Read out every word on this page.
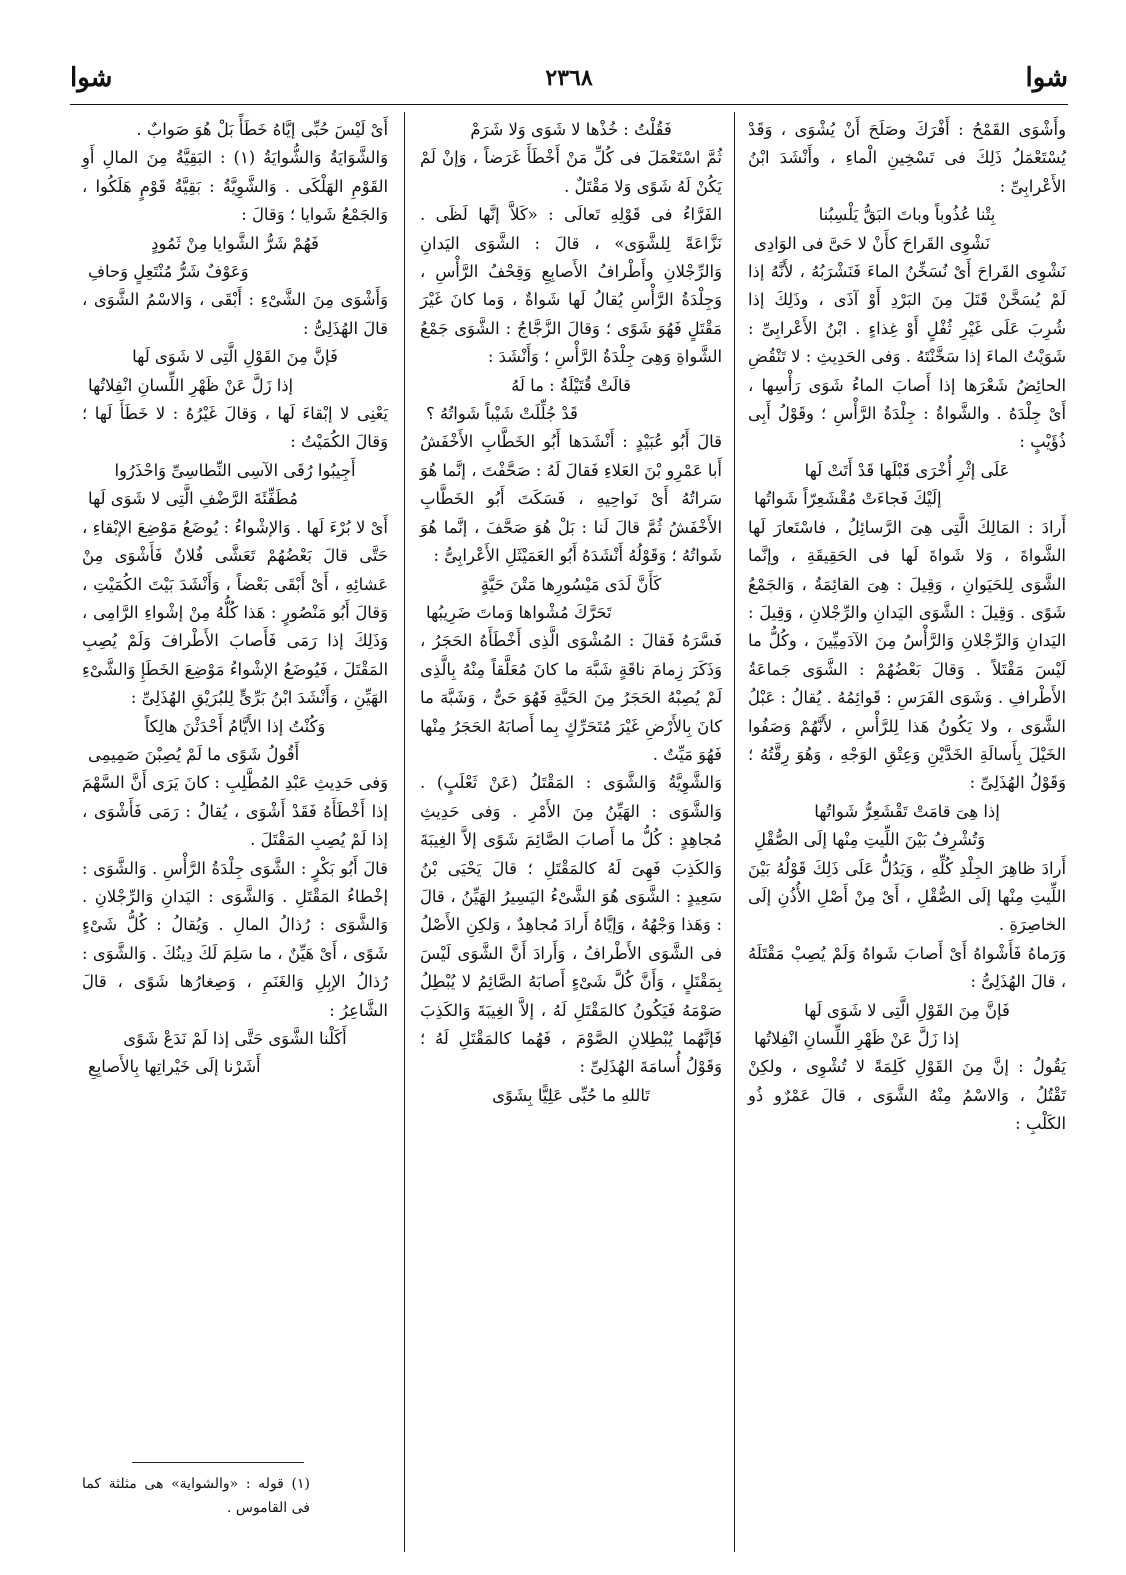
شوا
٢٣٦٨
شوا

وأَشْوَى القَمْحُ : أَفْرَكَ وصَلَحَ أَنْ يُشْوَى ، وَقَدْ يُسْتَعْمَلُ ذَلِكَ فى تَسْخِينِ الْماءِ ، وأَنْشَدَ ابْنُ الأَعْرابِىِّ :

بِتْنا عُذُوباً وباتَ البَقُّ يَلْسِبُنا

نَشْوِى القَراحَ كأَنْ لا حَىَّ فى الوَادِى

نَشْوِى القَراحَ أَىْ نُسَخِّنُ الماءَ فَنَشْرَبُهُ ، لأَنَّهُ إذا لَمْ يُسَخَّنْ قَتَلَ مِنَ البَرْدِ أَوْ آذَى ، وذَلِكَ إذا شُرِبَ عَلَى غَيْرِ ثُفْلٍ أَوْ غِذاءٍ . ابْنُ الأَعْرابِىِّ : شَوَيْتُ الماءَ إذا سَخَّنْتَهُ . وَفى الحَدِيثِ : لا تَنْقُضِ الحائِضُ شَعْرَها إذا أَصابَ الماءُ شَوَى رَأْسِها ، أَىْ جِلْدَهُ . والشَّواةُ : جِلْدَةُ الرَّأْسِ ؛ وقَوْلُ أَبِى ذُؤَيْبٍ :

عَلَى إثْرِ أُخْرَى قَبْلَها قَدْ أَتَتْ لَها

إلَيْكَ فَجاءَتْ مُقْشَعِرّاً شَواتُها

أَرادَ : المَالِكَ الَّتِى هِىَ الرَّسائِلُ ، فاسْتَعارَ لَها الشَّواةَ ، وَلا شَواةَ لَها فى الحَقِيقَةِ ، وإنَّما الشَّوَى لِلحَيَوانِ ، وَقِيلَ : هِىَ القائِمَةُ ، وَالجَمْعُ شَوًى . وَقِيلَ : الشَّوَى اليَدانِ والرِّجْلانِ ، وَقِيلَ : اليَدانِ وَالرِّجْلانِ وَالرَّأْسُ مِنَ الآدَمِيِّينَ ، وكُلُّ ما لَيْسَ مَقْتَلاً . وَقالَ بَعْضُهُمْ : الشَّوَى جَماعَةُ الأَطْرافِ . وَشَوَى الفَرَسِ : قَوائِمُهُ . يُقالُ : عَبْلُ الشَّوَى ، ولا يَكُونُ هَذا لِلرَّأْسِ ، لأَنَّهُمْ وَصَفُوا الخَيْلَ بِأَسالَةِ الخَدَّيْنِ وَعِتْقِ الوَجْهِ ، وَهُوَ رِقَّتُهُ ؛ وَقَوْلُ الهُذَلِىِّ :

إذا هِىَ قامَتْ تَقْشَعِرُّ شَواتُها

وَتُشْرِفُ بَيْنَ اللِّيتِ مِنْها إلَى الصُّقْلِ

أَرادَ ظاهِرَ الجِلْدِ كُلِّهِ ، وَيَدُلُّ عَلَى ذَلِكَ قَوْلُهُ بَيْنَ اللِّيتِ مِنْها إلَى الصُّقْلِ ، أَىْ مِنْ أَصْلِ الأُذُنِ إلَى الخاصِرَةِ .

وَرَماهُ فَأَشْواهُ أَىْ أَصابَ شَواهُ وَلَمْ يُصِبْ مَقْتَلَهُ ، قالَ الهُذَلِىُّ :

فَإنَّ مِنَ القَوْلِ الَّتِى لا شَوَى لَها

إذا زَلَّ عَنْ ظَهْرِ اللِّسانِ انْفِلاتُها

يَقُولُ : إنَّ مِنَ القَوْلِ كَلِمَةً لا تُشْوِى ، ولكِنْ تَقْتُلُ ، وَالاسْمُ مِنْهُ الشَّوَى ، قالَ عَمْرٌو ذُو الكَلْبِ :

فَقُلْتُ : خُذْها لا شَوَى وَلا شَرَمْ

ثُمَّ اسْتَعْمَلَ فى كُلِّ مَنْ أَخْطَأَ غَرَضاً ، وَإنْ لَمْ يَكُنْ لَهُ شَوًى وَلا مَقْتَلٌ .

الفَرَّاءُ فى قَوْلِهِ تَعالَى : «كَلاَّ إنَّها لَظَى . نَزَّاعَةً لِلشَّوَى» ، قالَ : الشَّوَى اليَدانِ وَالرِّجْلانِ وأَطْرافُ الأَصابِعِ وَقِحْفُ الرَّأْسِ ، وَجِلْدَةُ الرَّأْسِ يُقالُ لَها شَواةٌ ، وَما كانَ غَيْرَ مَقْتَلٍ فَهُوَ شَوًى ؛ وَقالَ الزَّجَّاجُ : الشَّوَى جَمْعُ الشَّواةِ وَهِىَ جِلْدَةُ الرَّأْسِ ؛ وَأَنْشَدَ :

قالَتْ قُتَيْلَةُ : ما لَهُ

قَدْ جُلِّلَتْ شَيْباً شَواتُهُ ؟

قالَ أَبُو عُبَيْدٍ : أَنْشَدَها أَبُو الخَطَّابِ الأَخْفَشُ أَبا عَمْرِو بْنَ العَلاءِ فَقالَ لَهُ : صَحَّفْتَ ، إنَّما هُوَ سَراتُهُ أَىْ نَواحِيهِ ، فَسَكَتَ أَبُو الخَطَّابِ الأَخْفَشُ ثُمَّ قالَ لَنا : بَلْ هُوَ صَحَّفَ ، إنَّما هُوَ شَواتُهُ ؛ وَقَوْلُهُ أَنْشَدَهُ أَبُو العَمَيْثَلِ الأَعْرابِىُّ :

كَأَنَّ لَدَى مَيْسُورِها مَتْنَ حَيَّةٍ

تَحَرَّكَ مُشْواها وَماتَ ضَرِيبُها

فَسَّرَهُ فَقالَ : المُشْوَى الَّذِى أَخْطَأَهُ الحَجَرُ ، وَذَكَرَ زِمامَ ناقَةٍ شَبَّهَ ما كانَ مُعَلَّقاً مِنْهُ بِالَّذِى لَمْ يُصِبْهُ الحَجَرُ مِنَ الحَيَّةِ فَهُوَ حَىٌّ ، وَشَبَّهَ ما كانَ بِالأَرْضِ غَيْرَ مُتَحَرِّكٍ بِما أَصابَهُ الحَجَرُ مِنْها فَهُوَ مَيِّتٌ .

وَالشَّوِيَّةُ وَالشَّوَى : المَقْتَلُ (عَنْ ثَعْلَبٍ) . وَالشَّوَى : الهَيِّنُ مِنَ الأَمْرِ . وَفى حَدِيثِ مُجاهِدٍ : كُلُّ ما أَصابَ الصَّائِمَ شَوًى إلاَّ الغِيبَةَ وَالكَذِبَ فَهِىَ لَهُ كالمَقْتَلِ ؛ قالَ يَحْيَى بْنُ سَعِيدٍ : الشَّوَى هُوَ الشَّىْءُ اليَسِيرُ الهَيِّنُ ، قالَ : وَهَذا وَجْهُهُ ، وَإيَّاهُ أَرادَ مُجاهِدٌ ، وَلكِنِ الأَصْلُ فى الشَّوَى الأَطْرافُ ، وَأَرادَ أَنَّ الشَّوَى لَيْسَ بِمَقْتَلٍ ، وَأَنَّ كُلَّ شَىْءٍ أَصابَهُ الصَّائِمُ لا يُبْطِلُ صَوْمَهُ فَيَكُونُ كالمَقْتَلِ لَهُ ، إلاَّ الغِيبَةَ وَالكَذِبَ فَإنَّهُما يُبْطِلانِ الصَّوْمَ ، فَهُما كالمَقْتَلِ لَهُ ؛ وَقَوْلُ أُسامَةَ الهُذَلِىِّ :

تَاللهِ ما حُبِّى عَلِيًّا بِشَوًى

أَىْ لَيْسَ حُبِّى إيَّاهُ خَطَأً بَلْ هُوَ صَوابٌ .

وَالشَّوَايَةُ وَالشُّوايَةُ (١) : البَقِيَّةُ مِنَ المالِ أَوِ القَوْمِ الهَلْكَى . وَالشَّوِيَّةُ : بَقِيَّةُ قَوْمٍ هَلَكُوا ، وَالجَمْعُ شَوايا ؛ وَقالَ :

فَهُمْ شَرُّ الشَّوايا مِنْ ثَمُودٍ

وَعَوْفٌ شَرُّ مُنْتَعِلٍ وَحافِ

وَأَشْوَى مِنَ الشَّىْءِ : أَبْقَى ، وَالاسْمُ الشَّوَى ، قالَ الهُذَلِىُّ :

فَإنَّ مِنَ القَوْلِ الَّتِى لا شَوَى لَها

إذا زَلَّ عَنْ ظَهْرِ اللِّسانِ انْفِلاتُها

يَعْنِى لا إبْقاءَ لَها ، وَقالَ غَيْرُهُ : لا خَطَأَ لَها ؛ وَقالَ الكُمَيْتُ :

أَجِيبُوا رُقَى الآسِى النِّطاسِىِّ وَاحْذَرُوا

مُطَفِّئَةَ الرَّضْفِ الَّتِى لا شَوَى لَها

أَىْ لا بُرْءَ لَها . وَالإشْواءُ : يُوضَعُ مَوْضِعَ الإبْقاءِ ، حَتَّى قالَ بَعْضُهُمْ تَعَشَّى فُلانٌ فَأَشْوَى مِنْ عَشائِهِ ، أَىْ أَبْقَى بَعْضاً ، وَأَنْشَدَ بَيْتَ الكُمَيْتِ ، وَقالَ أَبُو مَنْصُورٍ : هَذا كُلُّهُ مِنْ إشْواءِ الرَّامِى ، وَذَلِكَ إذا رَمَى فَأَصابَ الأَطْرافَ وَلَمْ يُصِبِ المَقْتَلَ ، فَيُوضَعُ الإشْواءُ مَوْضِعَ الخَطَإِ وَالشَّىْءِ الهَيِّنِ ، وَأَنْشَدَ ابْنُ بَرِّىٍّ لِلبُرَيْقِ الهُذَلِىِّ :

وَكُنْتُ إذا الأَيَّامُ أَحْدَثْنَ هالِكاً

أَقُولُ شَوًى ما لَمْ يُصِبْنَ صَمِيمِى

وَفى حَدِيثِ عَبْدِ المُطَّلِبِ : كانَ يَرَى أَنَّ السَّهْمَ إذا أَخْطَأَهُ فَقَدْ أَشْوَى ، يُقالُ : رَمَى فَأَشْوَى ، إذا لَمْ يُصِبِ المَقْتَلَ .

قالَ أَبُو بَكْرٍ : الشَّوَى جِلْدَةُ الرَّأْسِ . وَالشَّوَى : إخْطاءُ المَقْتَلِ . وَالشَّوَى : اليَدانِ وَالرِّجْلانِ . وَالشَّوَى : رُذالُ المالِ . وَيُقالُ : كُلُّ شَىْءٍ شَوًى ، أَىْ هَيِّنٌ ، ما سَلِمَ لَكَ دِينُكَ . وَالشَّوَى : رُذالُ الإبِلِ وَالغَنَمِ ، وَصِغارُها شَوًى ، قالَ الشَّاعِرُ :

أَكَلْنا الشَّوَى حَتَّى إذا لَمْ نَدَعْ شَوًى

أَشَرْنا إلَى خَيْراتِها بِالأَصابِعِ

(١) قوله : «والشواية» هى مثلثة كما فى القاموس .
